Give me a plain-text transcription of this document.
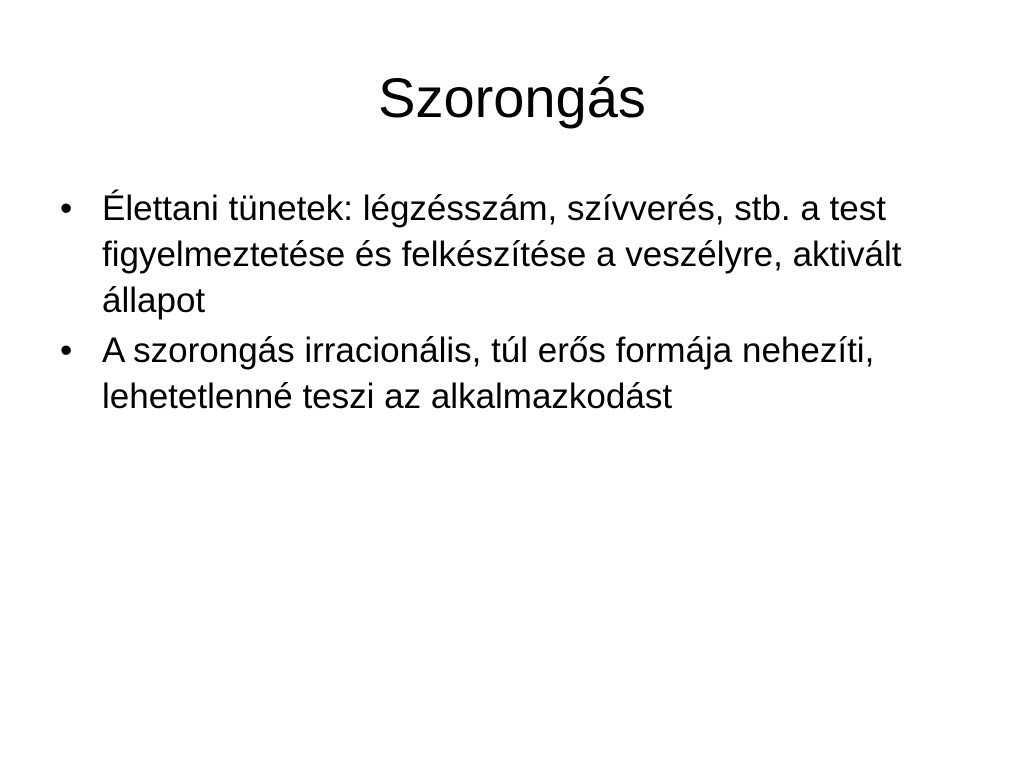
Szorongás
• Élettani tünetek: légzésszám, szívverés, stb. a test figyelmeztetése és felkészítése a veszélyre, aktivált állapot
• A szorongás irracionális, túl erős formája nehezíti, lehetetlenné teszi az alkalmazkodást
